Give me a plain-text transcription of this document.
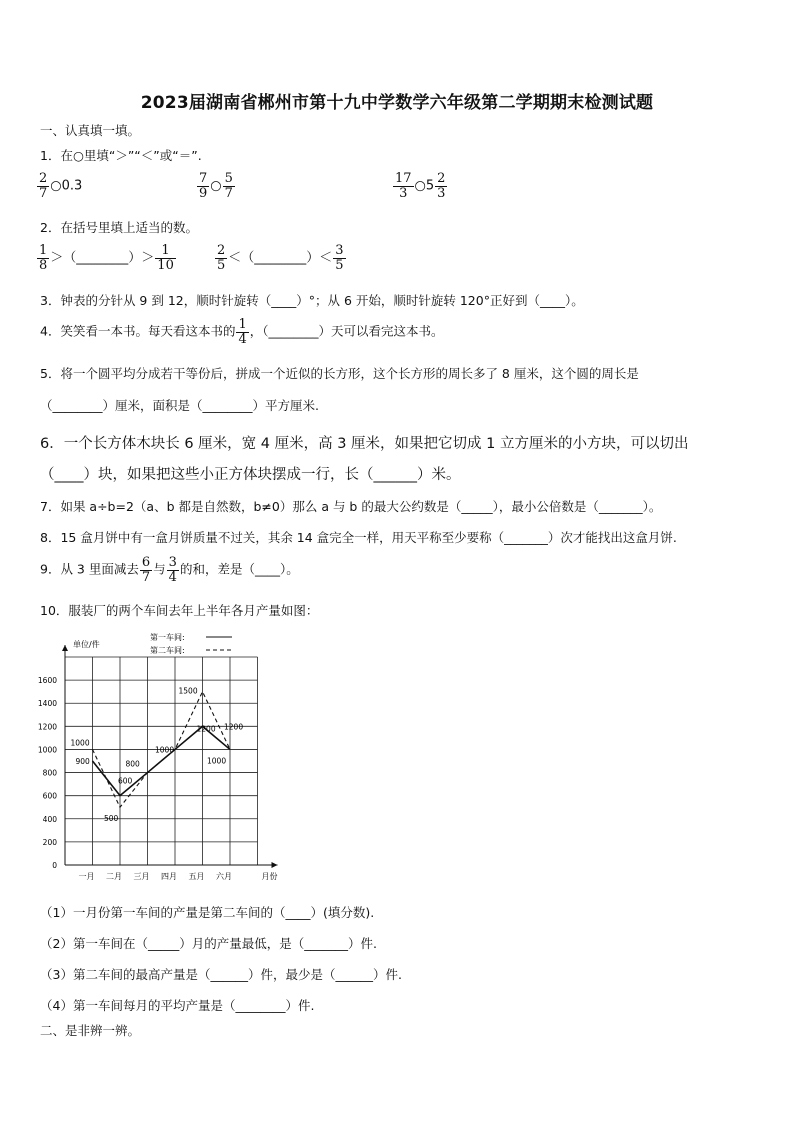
2023届湖南省郴州市第十九中学数学六年级第二学期期末检测试题
一、认真填一填。
1．在○里填“＞”“＜”或“＝”.
$\frac{2}{7}$ ○0.3	$\frac{7}{9}$ ○ $\frac{5}{7}$	$\frac{17}{3}$ ○5 $\frac{2}{3}$
2．在括号里填上适当的数。
$\frac{1}{8}$ ＞（________）＞ $\frac{1}{10}$	$\frac{2}{5}$ ＜（________）＜ $\frac{3}{5}$
3．钟表的分针从 9 到 12，顺时针旋转（____）°；从 6 开始，顺时针旋转 120°正好到（____）。
4．笑笑看一本书。每天看这本书的 $\frac{1}{4}$ ，（________）天可以看完这本书。
5．将一个圆平均分成若干等份后，拼成一个近似的长方形，这个长方形的周长多了 8 厘米，这个圆的周长是
（________）厘米，面积是（________）平方厘米.
6．一个长方体木块长 6 厘米，宽 4 厘米，高 3 厘米，如果把它切成 1 立方厘米的小方块，可以切出
（____）块，如果把这些小正方体块摆成一行，长（______）米。
7．如果 a÷b=2（a、b 都是自然数，b≠0）那么 a 与 b 的最大公约数是（_____），最小公倍数是（_______）。
8．15 盒月饼中有一盒月饼质量不过关，其余 14 盒完全一样，用天平称至少要称（_______）次才能找出这盒月饼.
9．从 3 里面减去 $\frac{6}{7}$ 与 $\frac{3}{4}$ 的和，差是（____）。
10．服装厂的两个车间去年上半年各月产量如图：
单位/件
月份
0
200
400
600
800
1000
1200
1400
1600
一月 二月 三月 四月 五月 六月
1000
900
600
500
800
1000
1500
1200 1200
1000
第一车间:
第二车间:
（1）一月份第一车间的产量是第二车间的（____）(填分数).
（2）第一车间在（_____）月的产量最低，是（_______）件.
（3）第二车间的最高产量是（______）件，最少是（______）件.
（4）第一车间每月的平均产量是（________）件.
二、是非辨一辨。
